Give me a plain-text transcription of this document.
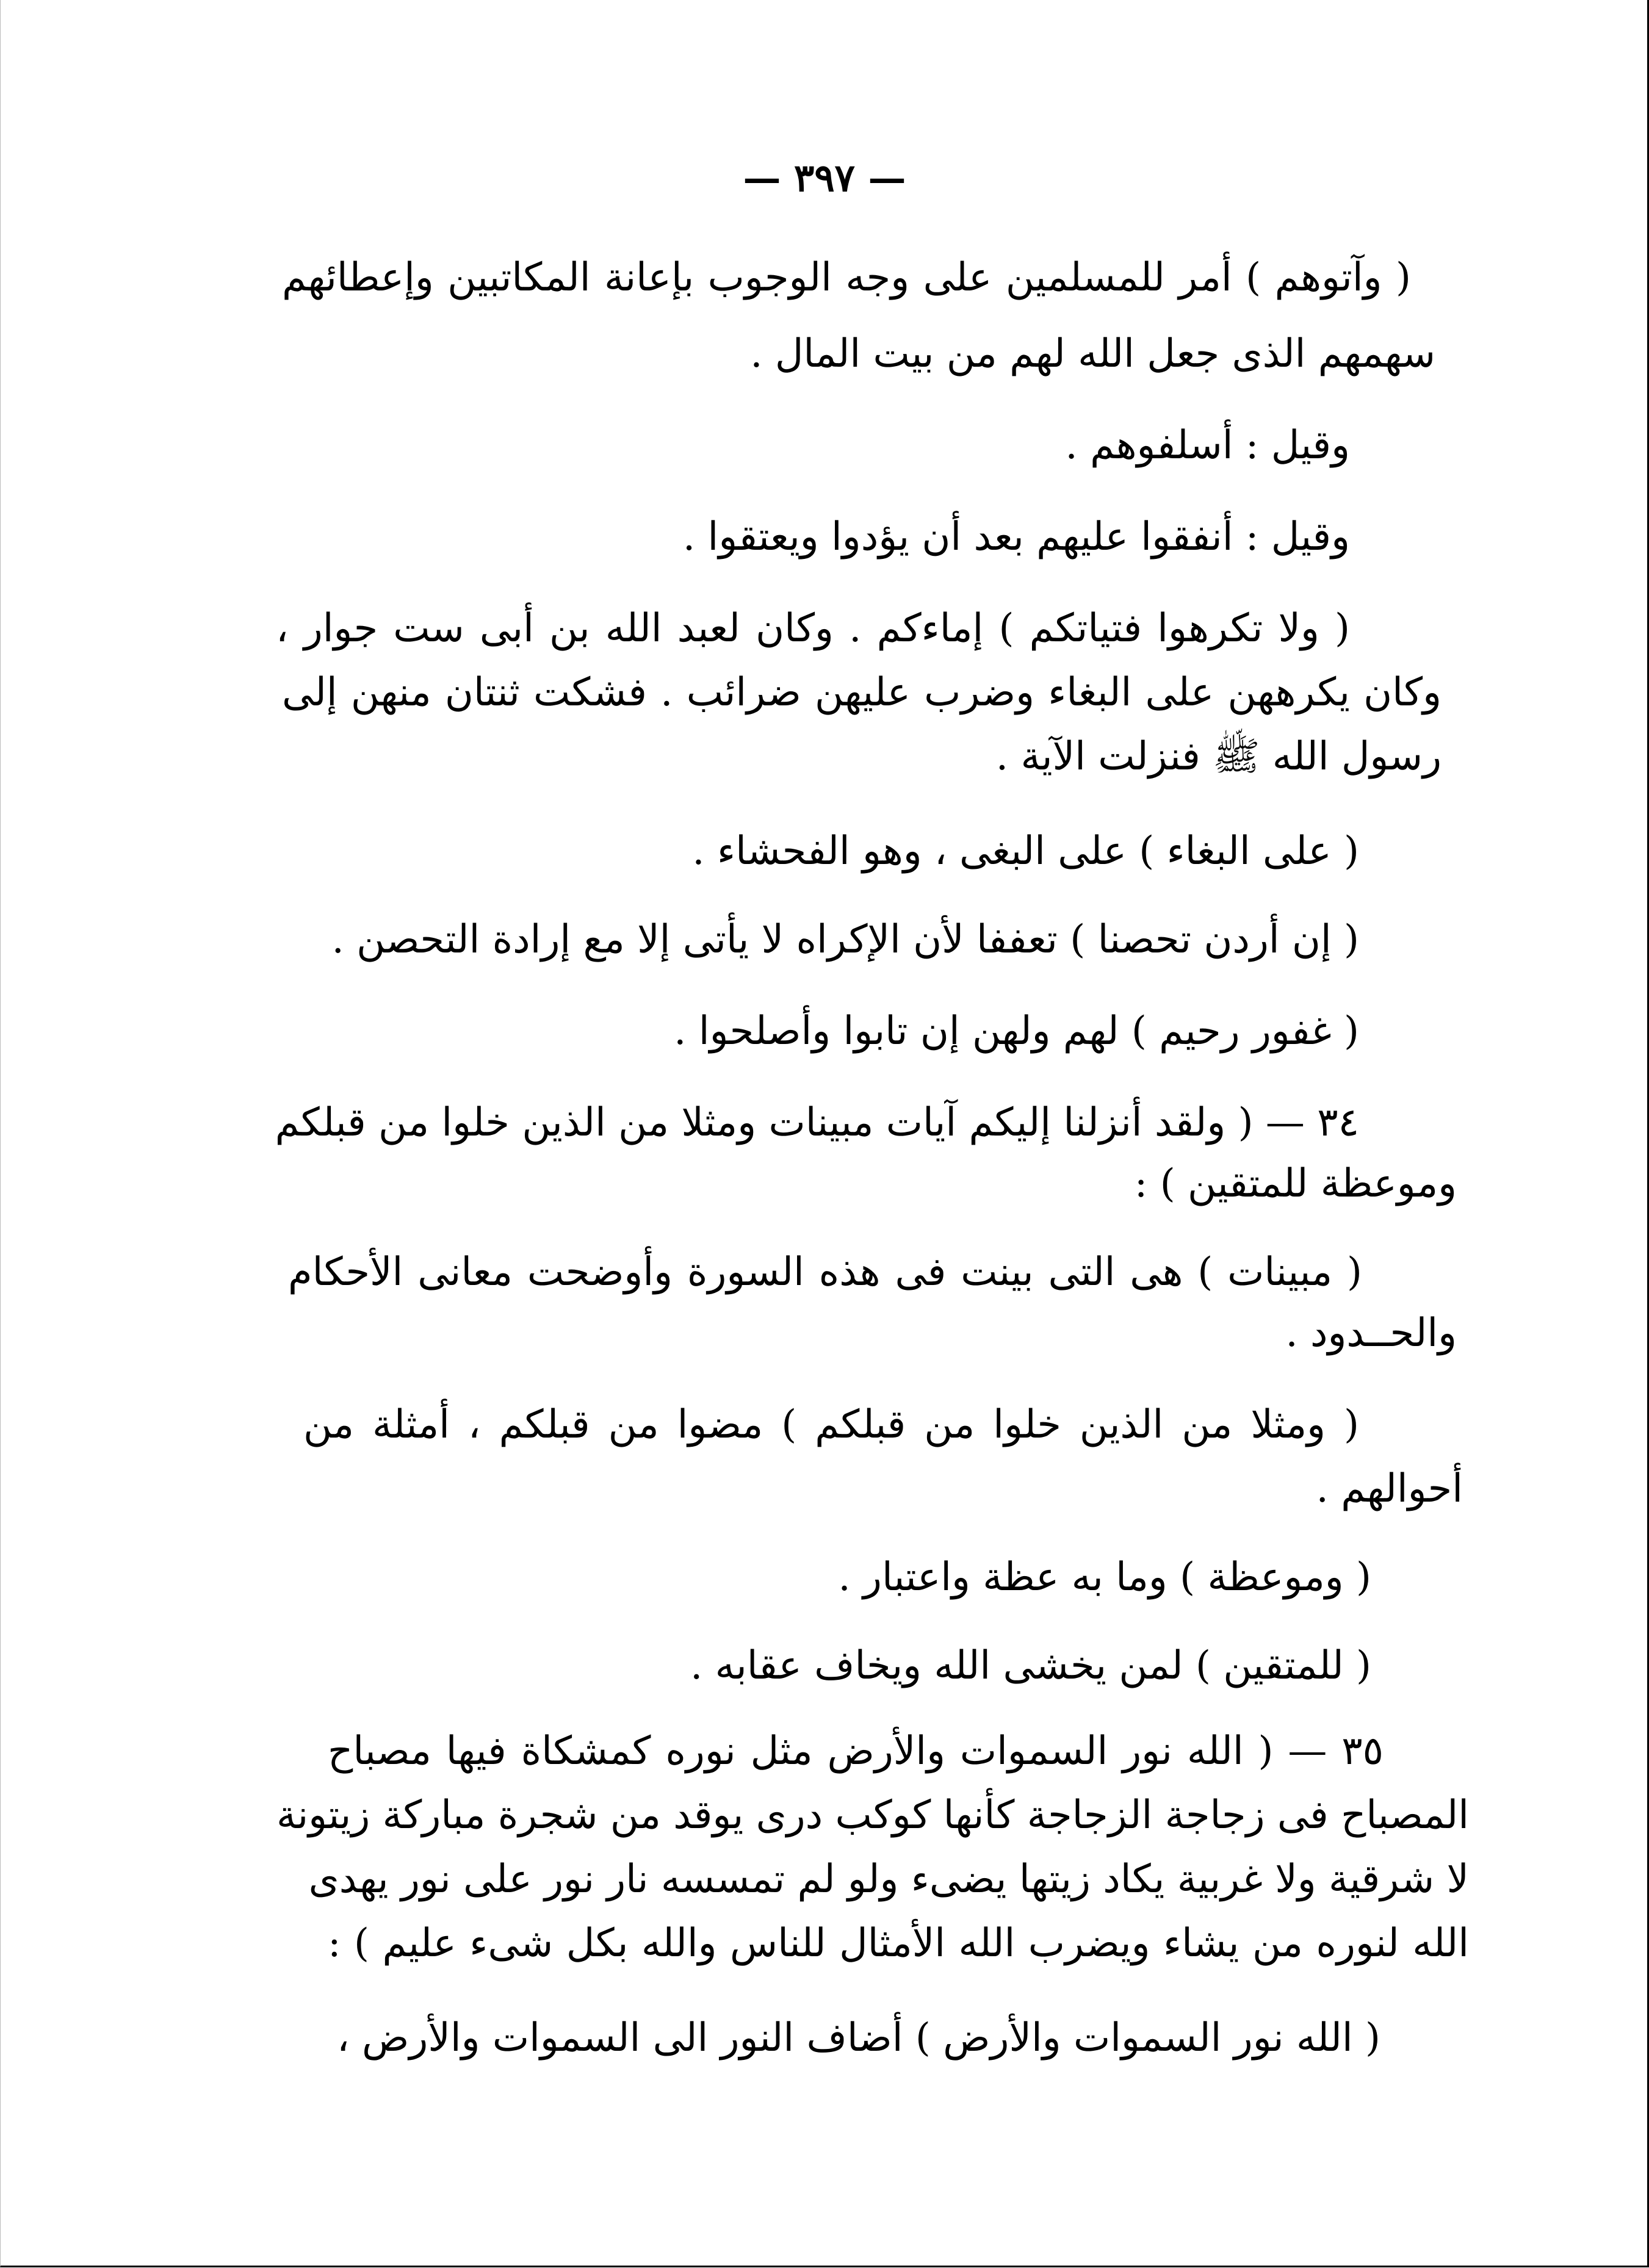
— ٣٩٧ —
( وآتوهم ) أمر للمسلمين على وجه الوجوب بإعانة المكاتبين وإعطائهم
سهمهم الذى جعل الله لهم من بيت المال .
وقيل : أسلفوهم .
وقيل : أنفقوا عليهم بعد أن يؤدوا ويعتقوا .
( ولا تكرهوا فتياتكم ) إماءكم . وكان لعبد الله بن أبى ست جوار ،
وكان يكرههن على البغاء وضرب عليهن ضرائب . فشكت ثنتان منهن إلى
رسول الله ﷺ فنزلت الآية .
( على البغاء ) على البغى ، وهو الفحشاء .
( إن أردن تحصنا ) تعففا لأن الإكراه لا يأتى إلا مع إرادة التحصن .
( غفور رحيم ) لهم ولهن إن تابوا وأصلحوا .
٣٤ — ( ولقد أنزلنا إليكم آيات مبينات ومثلا من الذين خلوا من قبلكم
وموعظة للمتقين ) :
( مبينات ) هى التى بينت فى هذه السورة وأوضحت معانى الأحكام
والحــدود .
( ومثلا من الذين خلوا من قبلكم ) مضوا من قبلكم ، أمثلة من
أحوالهم .
( وموعظة ) وما به عظة واعتبار .
( للمتقين ) لمن يخشى الله ويخاف عقابه .
٣٥ — ( الله نور السموات والأرض مثل نوره كمشكاة فيها مصباح
المصباح فى زجاجة الزجاجة كأنها كوكب درى يوقد من شجرة مباركة زيتونة
لا شرقية ولا غربية يكاد زيتها يضىء ولو لم تمسسه نار نور على نور يهدى
الله لنوره من يشاء ويضرب الله الأمثال للناس والله بكل شىء عليم ) :
( الله نور السموات والأرض ) أضاف النور الى السموات والأرض ،
